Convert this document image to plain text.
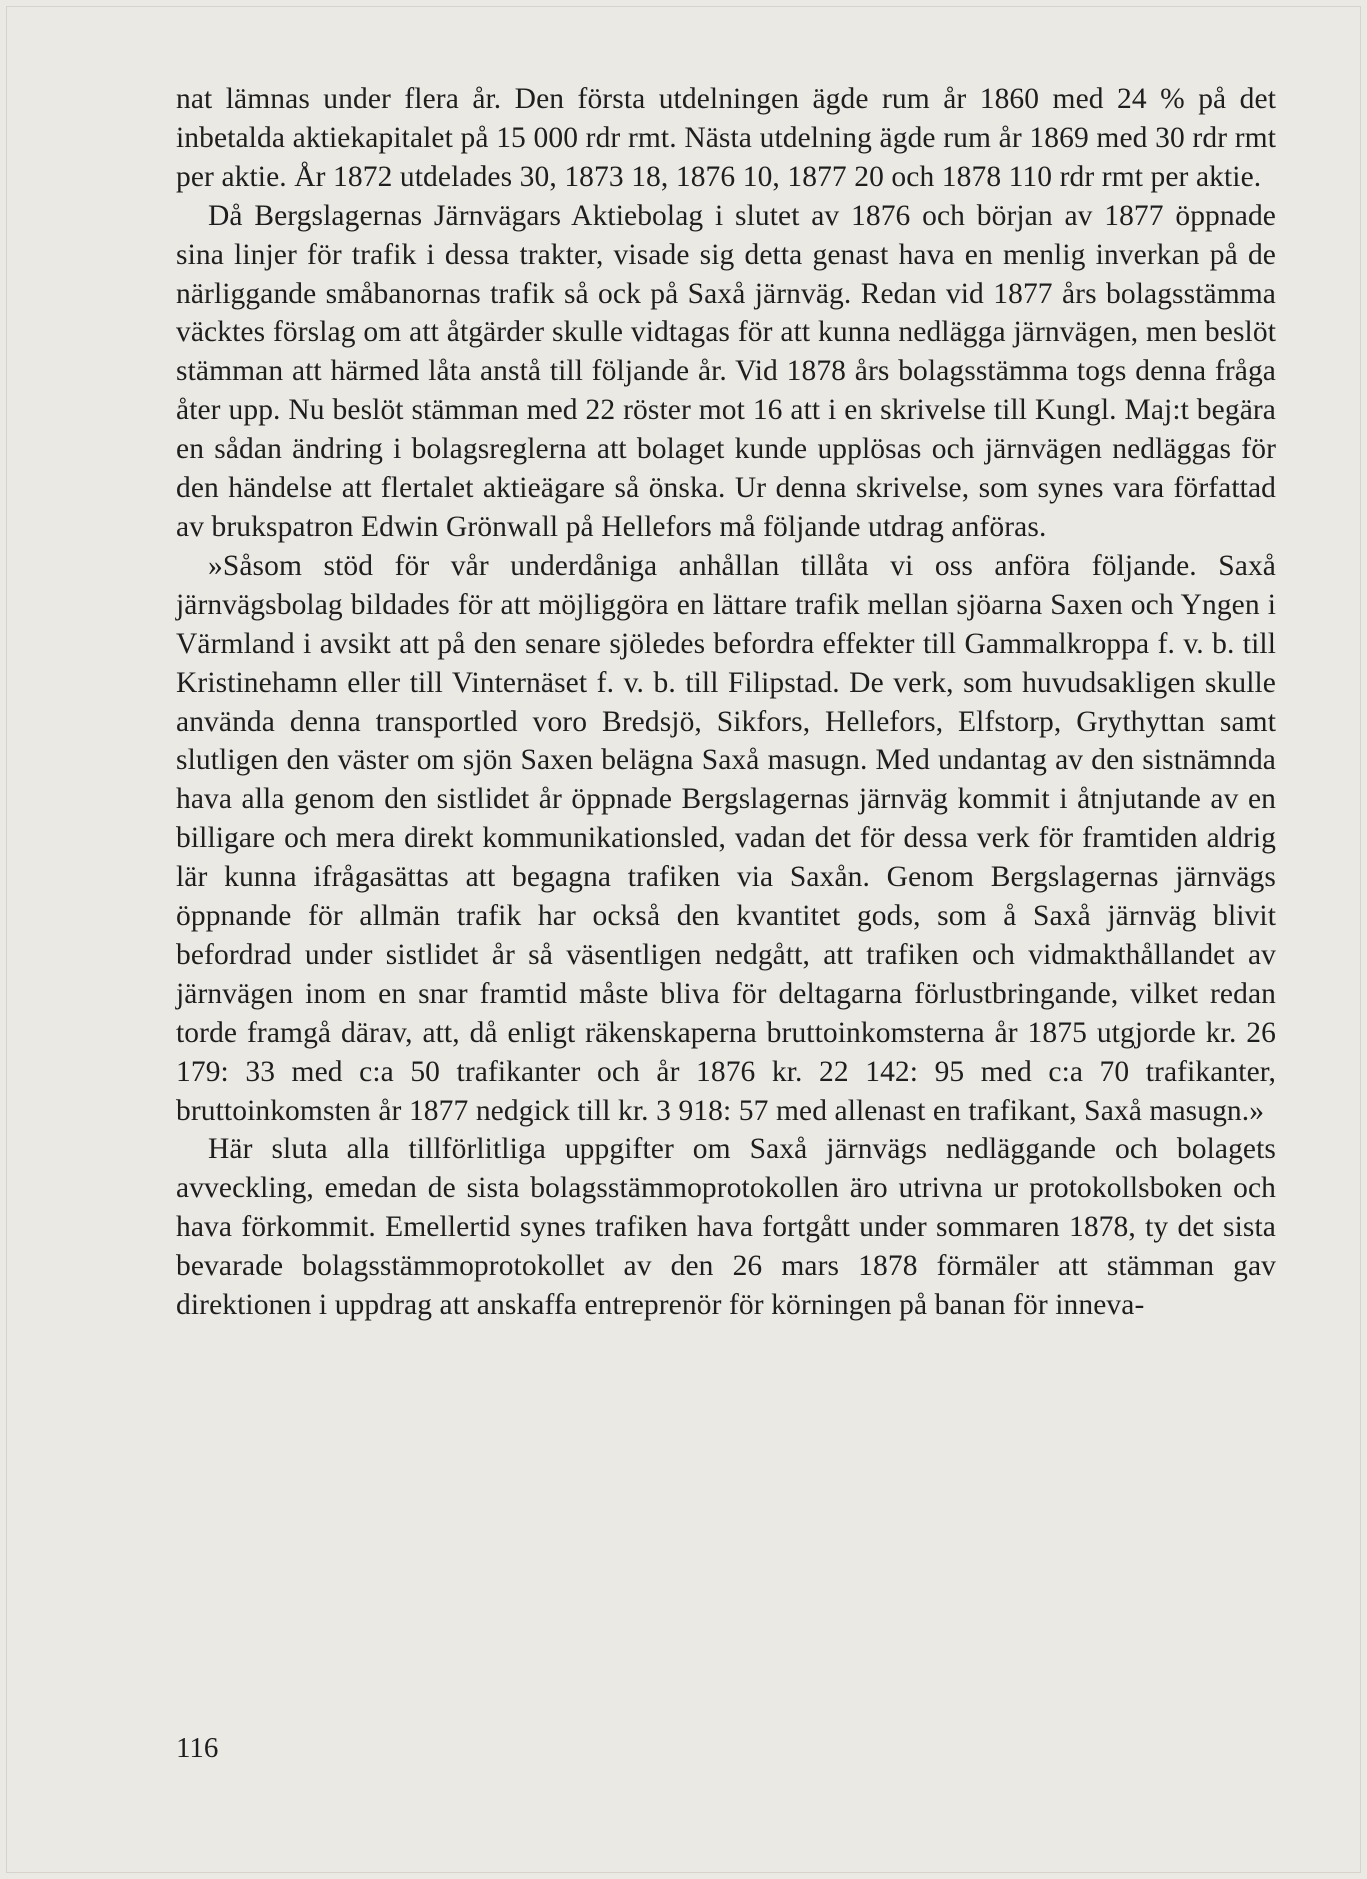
nat lämnas under flera år. Den första utdelningen ägde rum år 1860 med 24 % på det inbetalda aktiekapitalet på 15 000 rdr rmt. Nästa utdelning ägde rum år 1869 med 30 rdr rmt per aktie. År 1872 utdelades 30, 1873 18, 1876 10, 1877 20 och 1878 110 rdr rmt per aktie.

Då Bergslagernas Järnvägars Aktiebolag i slutet av 1876 och början av 1877 öppnade sina linjer för trafik i dessa trakter, visade sig detta genast hava en menlig inverkan på de närliggande småbanornas trafik så ock på Saxå järnväg. Redan vid 1877 års bolagsstämma väcktes förslag om att åtgärder skulle vidtagas för att kunna nedlägga järnvägen, men beslöt stämman att härmed låta anstå till följande år. Vid 1878 års bolagsstämma togs denna fråga åter upp. Nu beslöt stämman med 22 röster mot 16 att i en skrivelse till Kungl. Maj:t begära en sådan ändring i bolagsreglerna att bolaget kunde upplösas och järnvägen nedläggas för den händelse att flertalet aktieägare så önska. Ur denna skrivelse, som synes vara författad av brukspatron Edwin Grönwall på Hellefors må följande utdrag anföras.

»Såsom stöd för vår underdåniga anhållan tillåta vi oss anföra följande. Saxå järnvägsbolag bildades för att möjliggöra en lättare trafik mellan sjöarna Saxen och Yngen i Värmland i avsikt att på den senare sjöledes befordra effekter till Gammalkroppa f. v. b. till Kristinehamn eller till Vinternäset f. v. b. till Filipstad. De verk, som huvudsakligen skulle använda denna transportled voro Bredsjö, Sikfors, Hellefors, Elfstorp, Grythyttan samt slutligen den väster om sjön Saxen belägna Saxå masugn. Med undantag av den sistnämnda hava alla genom den sistlidet år öppnade Bergslagernas järnväg kommit i åtnjutande av en billigare och mera direkt kommunikationsled, vadan det för dessa verk för framtiden aldrig lär kunna ifrågasättas att begagna trafiken via Saxån. Genom Bergslagernas järnvägs öppnande för allmän trafik har också den kvantitet gods, som å Saxå järnväg blivit befordrad under sistlidet år så väsentligen nedgått, att trafiken och vidmakthållandet av järnvägen inom en snar framtid måste bliva för deltagarna förlustbringande, vilket redan torde framgå därav, att, då enligt räkenskaperna bruttoinkomsterna år 1875 utgjorde kr. 26 179: 33 med c:a 50 trafikanter och år 1876 kr. 22 142: 95 med c:a 70 trafikanter, bruttoinkomsten år 1877 nedgick till kr. 3 918: 57 med allenast en trafikant, Saxå masugn.»

Här sluta alla tillförlitliga uppgifter om Saxå järnvägs nedläggande och bolagets avveckling, emedan de sista bolagsstämmoprotokollen äro utrivna ur protokollsboken och hava förkommit. Emellertid synes trafiken hava fortgått under sommaren 1878, ty det sista bevarade bolagsstämmoprotokollet av den 26 mars 1878 förmäler att stämman gav direktionen i uppdrag att anskaffa entreprenör för körningen på banan för inneva-

116
